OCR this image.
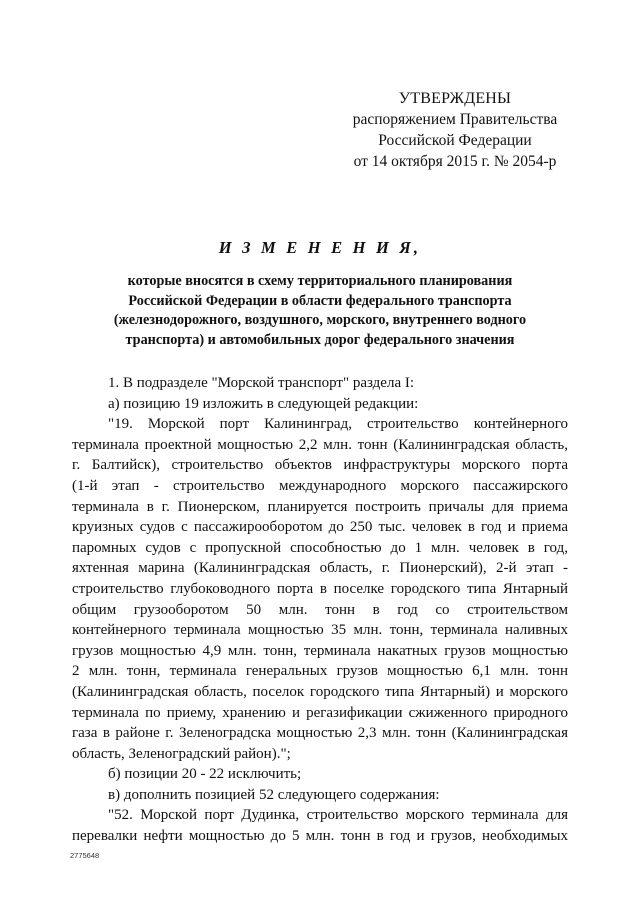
УТВЕРЖДЕНЫ
распоряжением Правительства
Российской Федерации
от 14 октября 2015 г. № 2054-р
И З М Е Н Е Н И Я,
которые вносятся в схему территориального планирования
Российской Федерации в области федерального транспорта
(железнодорожного, воздушного, морского, внутреннего водного
транспорта) и автомобильных дорог федерального значения
1. В подразделе "Морской транспорт" раздела I:
а) позицию 19 изложить в следующей редакции:
"19. Морской порт Калининград, строительство контейнерного
терминала проектной мощностью 2,2 млн. тонн (Калининградская область,
г. Балтийск), строительство объектов инфраструктуры морского порта
(1-й этап - строительство международного морского пассажирского
терминала в г. Пионерском, планируется построить причалы для приема
круизных судов с пассажирооборотом до 250 тыс. человек в год и приема
паромных судов с пропускной способностью до 1 млн. человек в год,
яхтенная марина (Калининградская область, г. Пионерский), 2-й этап -
строительство глубоководного порта в поселке городского типа Янтарный
общим грузооборотом 50 млн. тонн в год со строительством
контейнерного терминала мощностью 35 млн. тонн, терминала наливных
грузов мощностью 4,9 млн. тонн, терминала накатных грузов мощностью
2 млн. тонн, терминала генеральных грузов мощностью 6,1 млн. тонн
(Калининградская область, поселок городского типа Янтарный) и морского
терминала по приему, хранению и регазификации сжиженного природного
газа в районе г. Зеленоградска мощностью 2,3 млн. тонн (Калининградская
область, Зеленоградский район).";
б) позиции 20 - 22 исключить;
в) дополнить позицией 52 следующего содержания:
"52. Морской порт Дудинка, строительство морского терминала для
перевалки нефти мощностью до 5 млн. тонн в год и грузов, необходимых
2775648
